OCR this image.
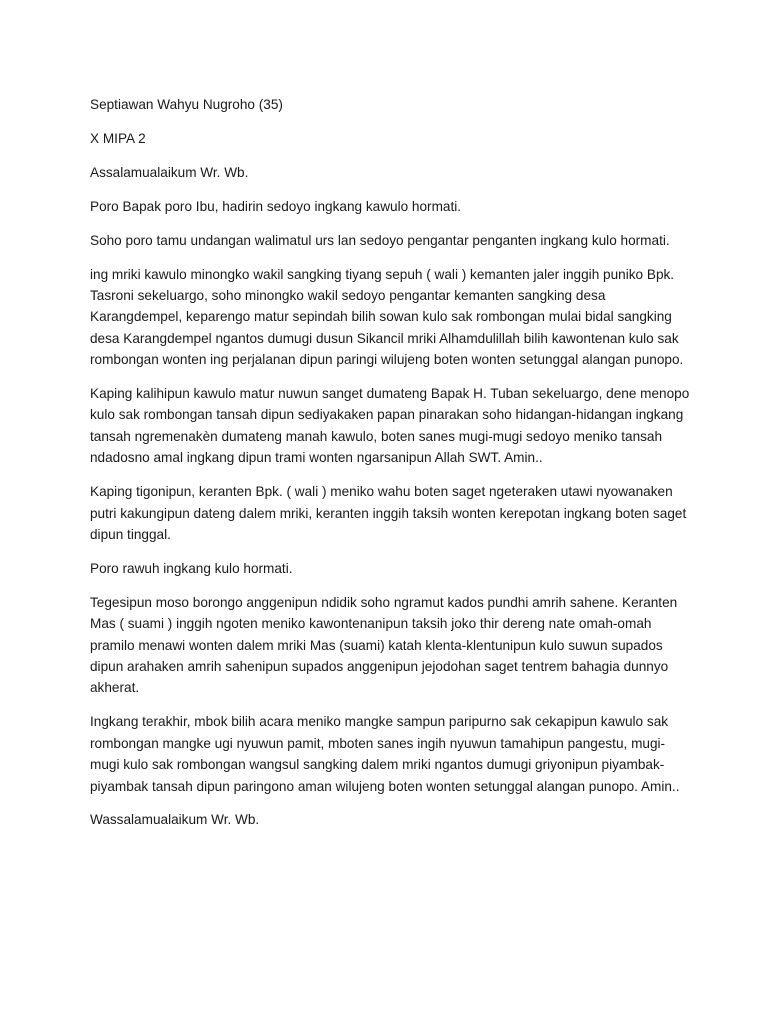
Septiawan Wahyu Nugroho (35)

X MIPA 2

Assalamualaikum Wr. Wb.

Poro Bapak poro Ibu, hadirin sedoyo ingkang kawulo hormati.

Soho poro tamu undangan walimatul urs lan sedoyo pengantar penganten ingkang kulo hormati.

ing mriki kawulo minongko wakil sangking tiyang sepuh ( wali ) kemanten jaler inggih puniko Bpk. Tasroni sekeluargo, soho minongko wakil sedoyo pengantar kemanten sangking desa Karangdempel, keparengo matur sepindah bilih sowan kulo sak rombongan mulai bidal sangking desa Karangdempel ngantos dumugi dusun Sikancil mriki Alhamdulillah bilih kawontenan kulo sak rombongan wonten ing perjalanan dipun paringi wilujeng boten wonten setunggal alangan punopo.

Kaping kalihipun kawulo matur nuwun sanget dumateng Bapak H. Tuban sekeluargo, dene menopo kulo sak rombongan tansah dipun sediyakaken papan pinarakan soho hidangan-hidangan ingkang tansah ngremenakèn dumateng manah kawulo, boten sanes mugi-mugi sedoyo meniko tansah ndadosno amal ingkang dipun trami wonten ngarsanipun Allah SWT. Amin..

Kaping tigonipun, keranten Bpk. ( wali ) meniko wahu boten saget ngeteraken utawi nyowanaken putri kakungipun dateng dalem mriki, keranten inggih taksih wonten kerepotan ingkang boten saget dipun tinggal.

Poro rawuh ingkang kulo hormati.

Tegesipun moso borongo anggenipun ndidik soho ngramut kados pundhi amrih sahene. Keranten Mas ( suami ) inggih ngoten meniko kawontenanipun taksih joko thir dereng nate omah-omah pramilo menawi wonten dalem mriki Mas (suami) katah klenta-klentunipun kulo suwun supados dipun arahaken amrih sahenipun supados anggenipun jejodohan saget tentrem bahagia dunnyo akherat.

Ingkang terakhir, mbok bilih acara meniko mangke sampun paripurno sak cekapipun kawulo sak rombongan mangke ugi nyuwun pamit, mboten sanes ingih nyuwun tamahipun pangestu, mugi-mugi kulo sak rombongan wangsul sangking dalem mriki ngantos dumugi griyonipun piyambak-piyambak tansah dipun paringono aman wilujeng boten wonten setunggal alangan punopo. Amin..

Wassalamualaikum Wr. Wb.
